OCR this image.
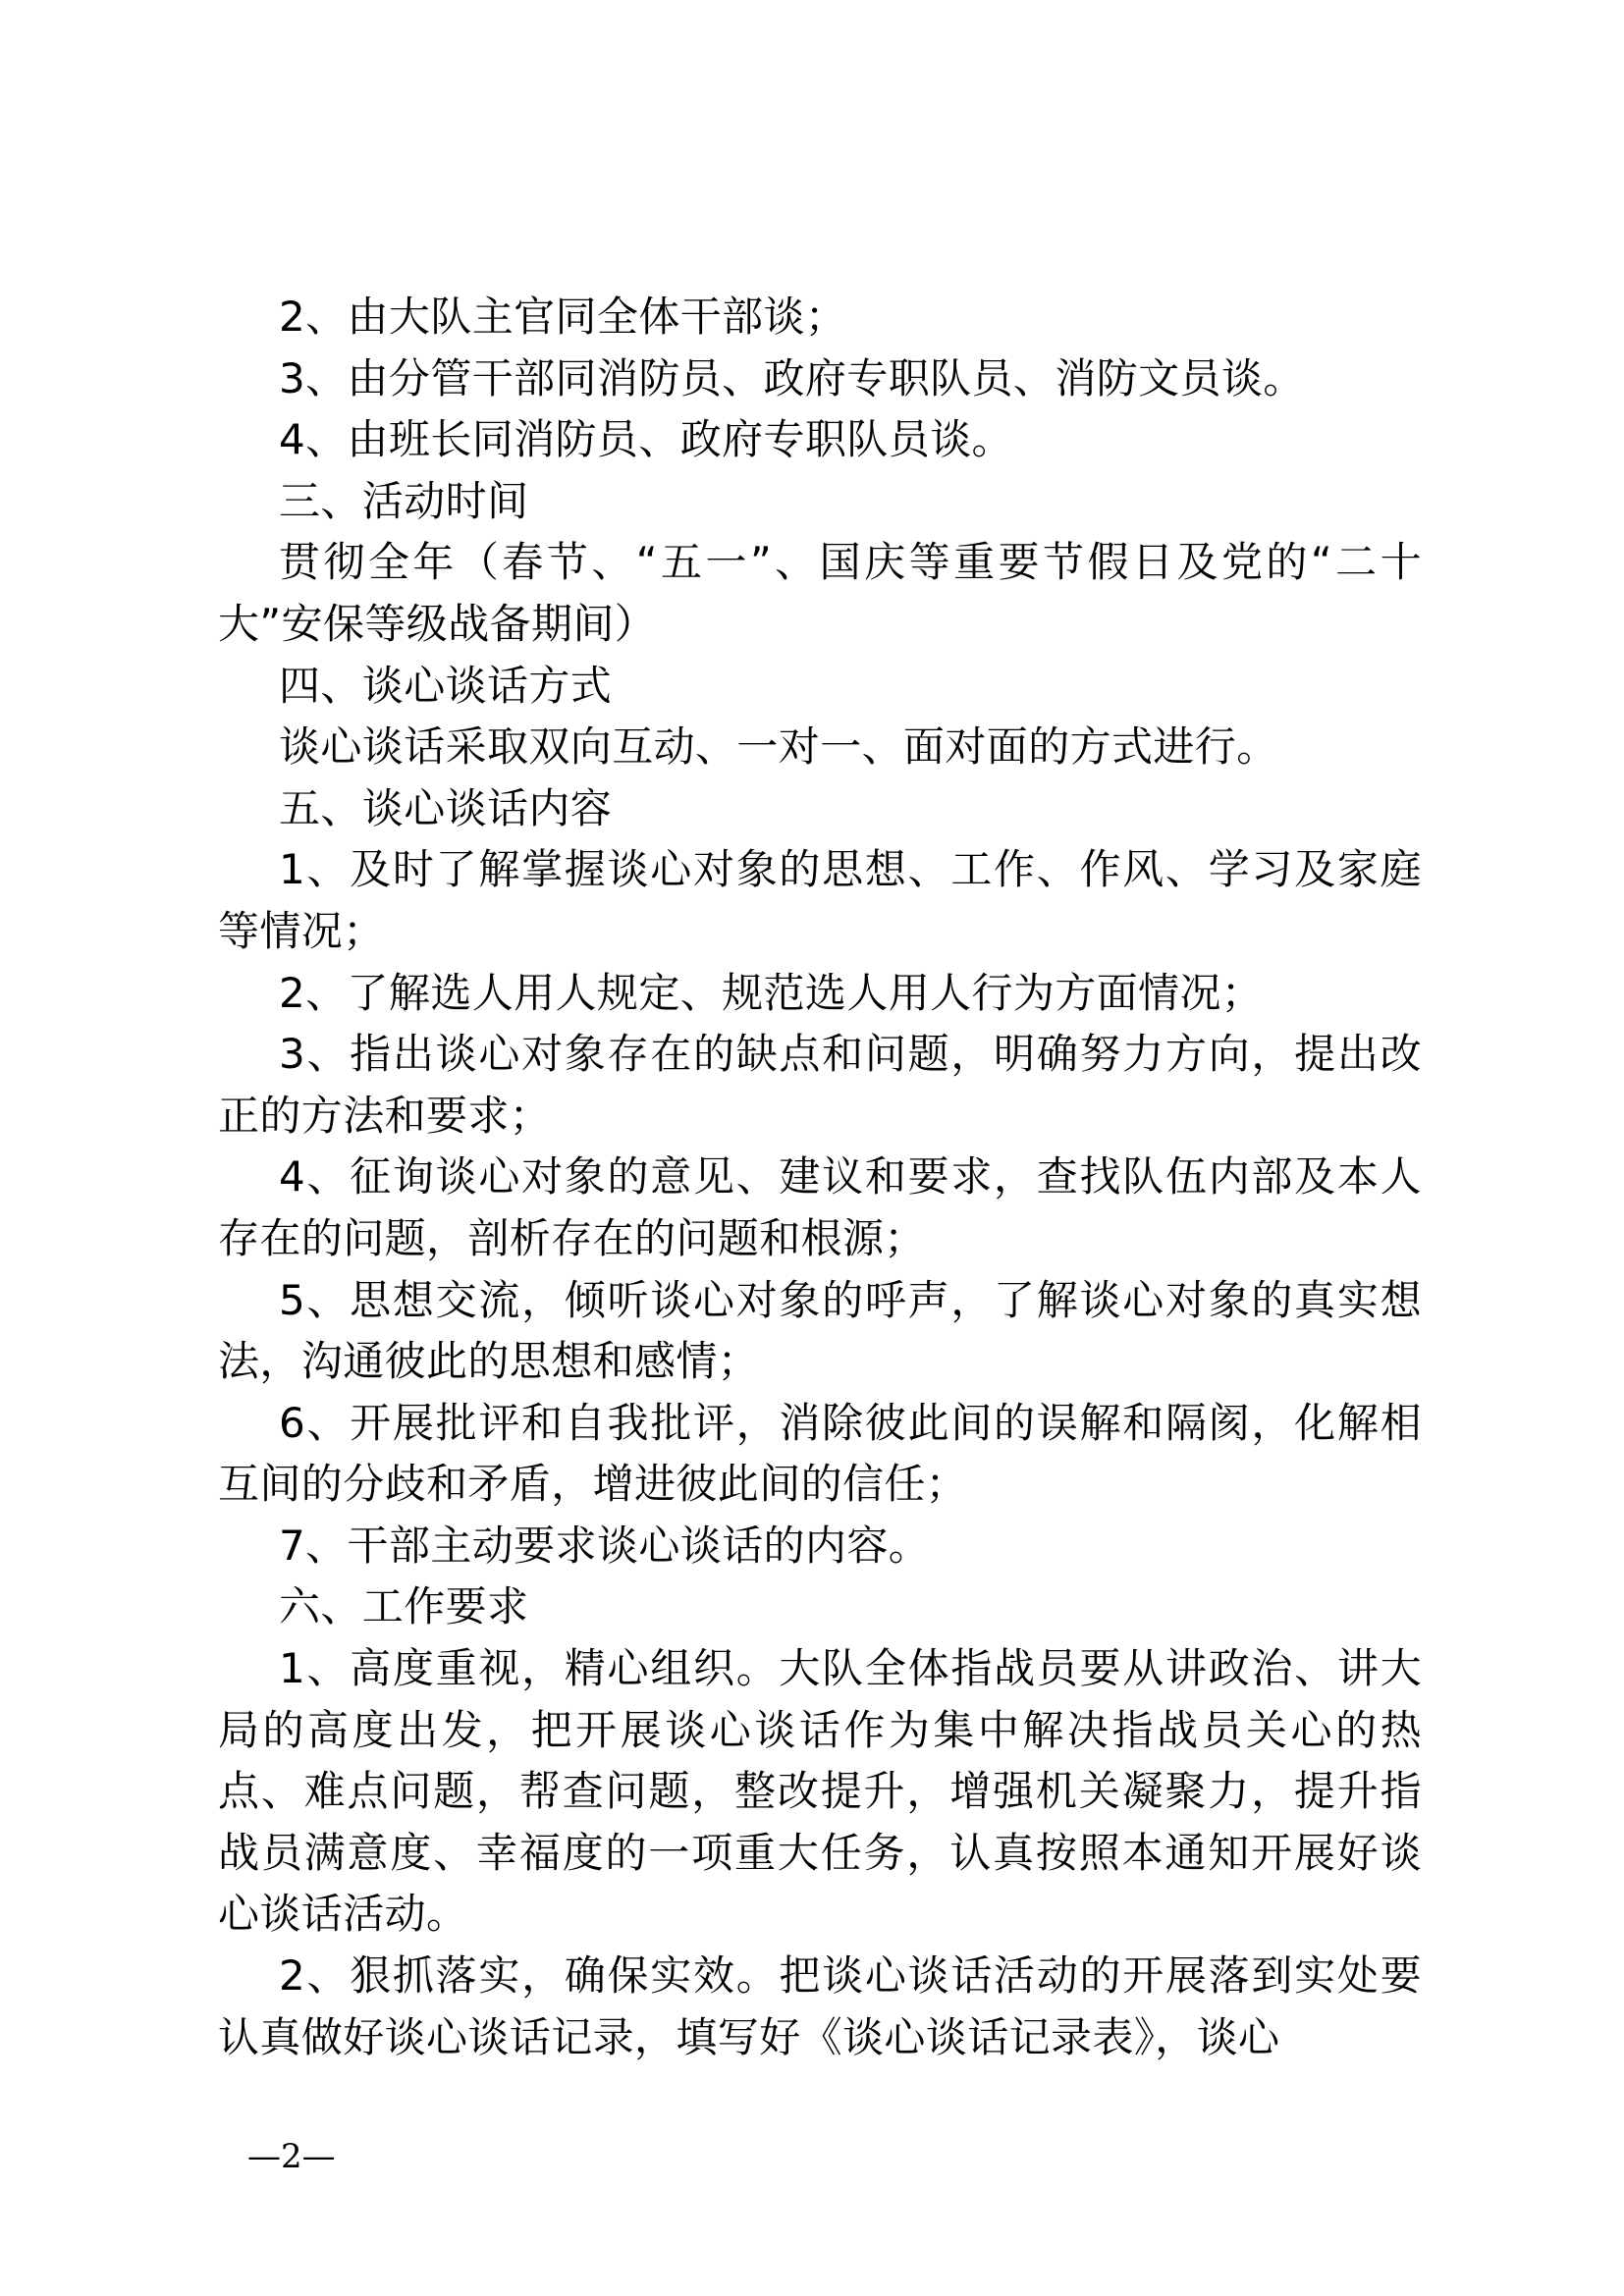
2、由大队主官同全体干部谈；

3、由分管干部同消防员、政府专职队员、消防文员谈。

4、由班长同消防员、政府专职队员谈。

三、活动时间

贯彻全年（春节、“五一”、国庆等重要节假日及党的“二十大”安保等级战备期间）

四、谈心谈话方式

谈心谈话采取双向互动、一对一、面对面的方式进行。

五、谈心谈话内容

1、及时了解掌握谈心对象的思想、工作、作风、学习及家庭等情况；

2、了解选人用人规定、规范选人用人行为方面情况；

3、指出谈心对象存在的缺点和问题，明确努力方向，提出改正的方法和要求；

4、征询谈心对象的意见、建议和要求，查找队伍内部及本人存在的问题，剖析存在的问题和根源；

5、思想交流，倾听谈心对象的呼声，了解谈心对象的真实想法，沟通彼此的思想和感情；

6、开展批评和自我批评，消除彼此间的误解和隔阂，化解相互间的分歧和矛盾，增进彼此间的信任；

7、干部主动要求谈心谈话的内容。

六、工作要求

1、高度重视，精心组织。大队全体指战员要从讲政治、讲大局的高度出发，把开展谈心谈话作为集中解决指战员关心的热点、难点问题，帮查问题，整改提升，增强机关凝聚力，提升指战员满意度、幸福度的一项重大任务，认真按照本通知开展好谈心谈话活动。

2、狠抓落实，确保实效。把谈心谈话活动的开展落到实处要认真做好谈心谈话记录，填写好《谈心谈话记录表》，谈心

—2—
